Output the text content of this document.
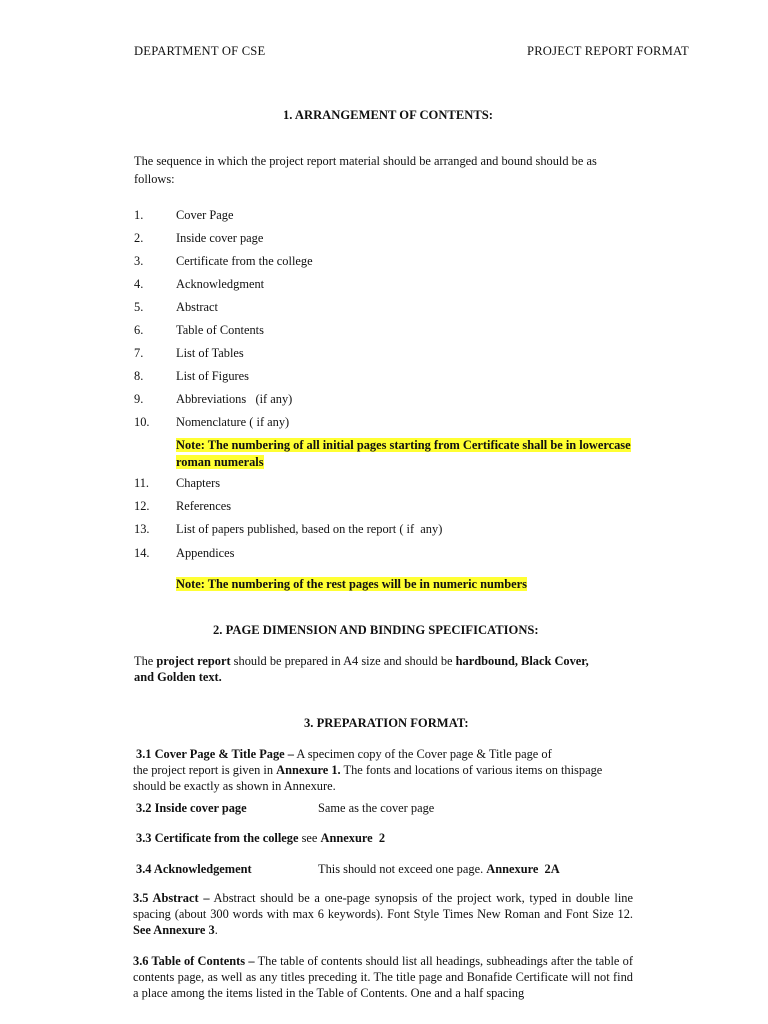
DEPARTMENT OF CSE	PROJECT REPORT FORMAT
1. ARRANGEMENT OF CONTENTS:
The sequence in which the project report material should be arranged and bound should be as
follows:
1.	Cover Page
2.	Inside cover page
3.	Certificate from the college
4.	Acknowledgment
5.	Abstract
6.	Table of Contents
7.	List of Tables
8.	List of Figures
9.	Abbreviations   (if any)
10. Nomenclature ( if any)
Note: The numbering of all initial pages starting from Certificate shall be in lowercase
roman numerals
11. Chapters
12. References
13. List of papers published, based on the report ( if  any)
14. Appendices
Note: The numbering of the rest pages will be in numeric numbers
2. PAGE DIMENSION AND BINDING SPECIFICATIONS:
The project report should be prepared in A4 size and should be hardbound, Black Cover,
and Golden text.
3. PREPARATION FORMAT:
3.1 Cover Page & Title Page – A specimen copy of the Cover page & Title page of
the project report is given in Annexure 1. The fonts and locations of various items on thispage
should be exactly as shown in Annexure.
3.2 Inside cover page	Same as the cover page
3.3 Certificate from the college see Annexure  2
3.4 Acknowledgement	This should not exceed one page. Annexure  2A
3.5 Abstract – Abstract should be a one-page synopsis of the project work, typed in double line spacing (about 300 words with max 6 keywords). Font Style Times New Roman and Font Size 12. See Annexure 3.
3.6 Table of Contents – The table of contents should list all headings, subheadings after the table of contents page, as well as any titles preceding it. The title page and Bonafide Certificate will not find a place among the items listed in the Table of Contents. One and a half spacing
